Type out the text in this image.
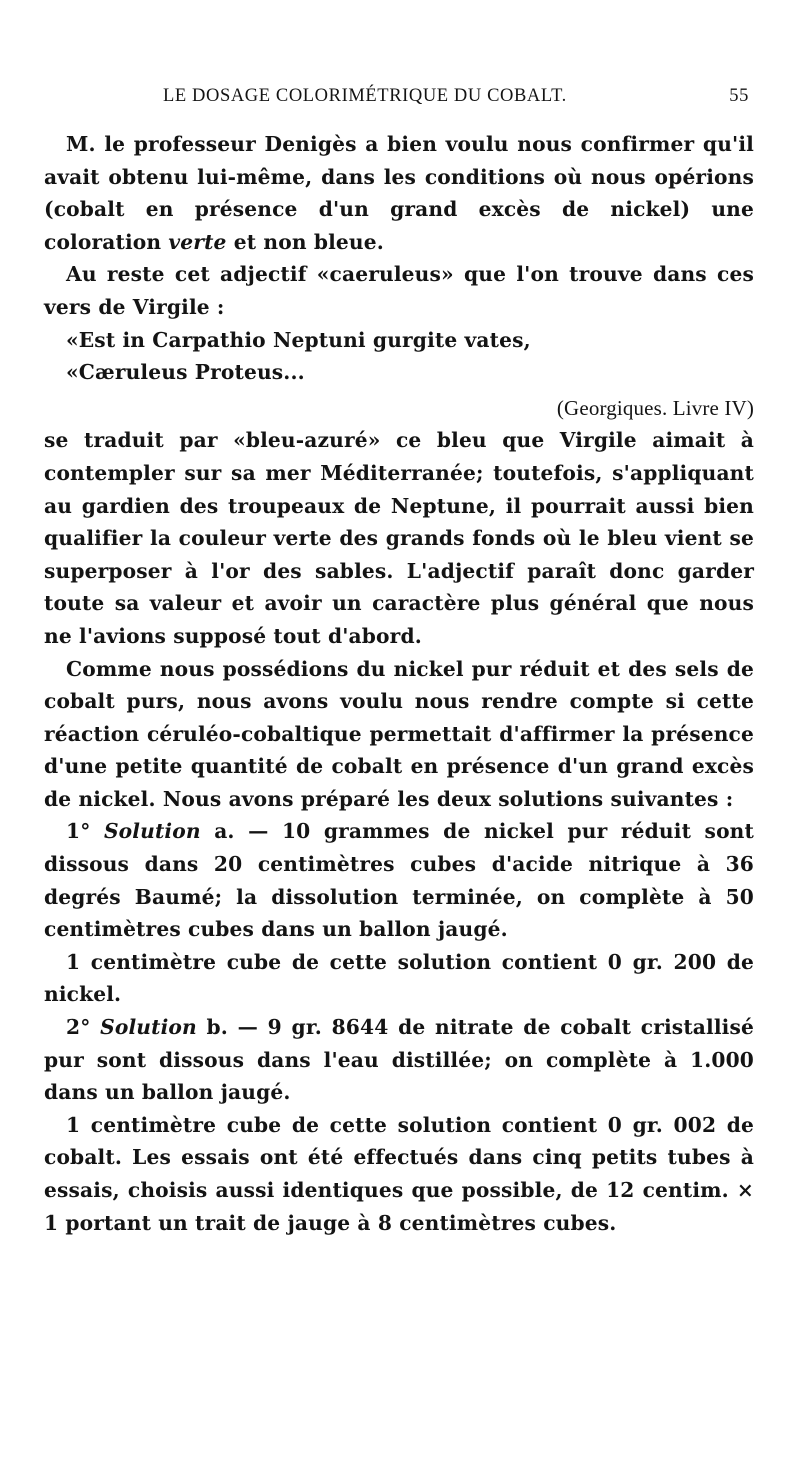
LE DOSAGE COLORIMÉTRIQUE DU COBALT.	55

M. le professeur Denigès a bien voulu nous confirmer qu'il avait obtenu lui-même, dans les conditions où nous opérions (cobalt en présence d'un grand excès de nickel) une coloration verte et non bleue.

Au reste cet adjectif «caeruleus» que l'on trouve dans ces

vers de Virgile :
«Est in Carpathio Neptuni gurgite vates,
«Cæruleus Proteus...
(Georgiques. Livre IV)

se traduit par «bleu-azuré» ce bleu que Virgile aimait à contempler sur sa mer Méditerranée; toutefois, s'appliquant au gardien des troupeaux de Neptune, il pourrait aussi bien qualifier la couleur verte des grands fonds où le bleu vient se superposer à l'or des sables. L'adjectif paraît donc garder toute sa valeur et avoir un caractère plus général que nous ne l'avions supposé tout d'abord.

Comme nous possédions du nickel pur réduit et des sels de cobalt purs, nous avons voulu nous rendre compte si cette réaction céruléo-cobaltique permettait d'affirmer la présence d'une petite quantité de cobalt en présence d'un grand excès de nickel. Nous avons préparé les deux solutions suivantes :

1° Solution a. — 10 grammes de nickel pur réduit sont dissous dans 20 centimètres cubes d'acide nitrique à 36 degrés Baumé; la dissolution terminée, on complète à 50 centimètres cubes dans un ballon jaugé.

1 centimètre cube de cette solution contient 0 gr. 200 de nickel.

2° Solution b. — 9 gr. 8644 de nitrate de cobalt cristallisé pur sont dissous dans l'eau distillée; on complète à 1.000 dans un ballon jaugé.

1 centimètre cube de cette solution contient 0 gr. 002 de cobalt. Les essais ont été effectués dans cinq petits tubes à essais, choisis aussi identiques que possible, de 12 centim. × 1 portant un trait de jauge à 8 centimètres cubes.
